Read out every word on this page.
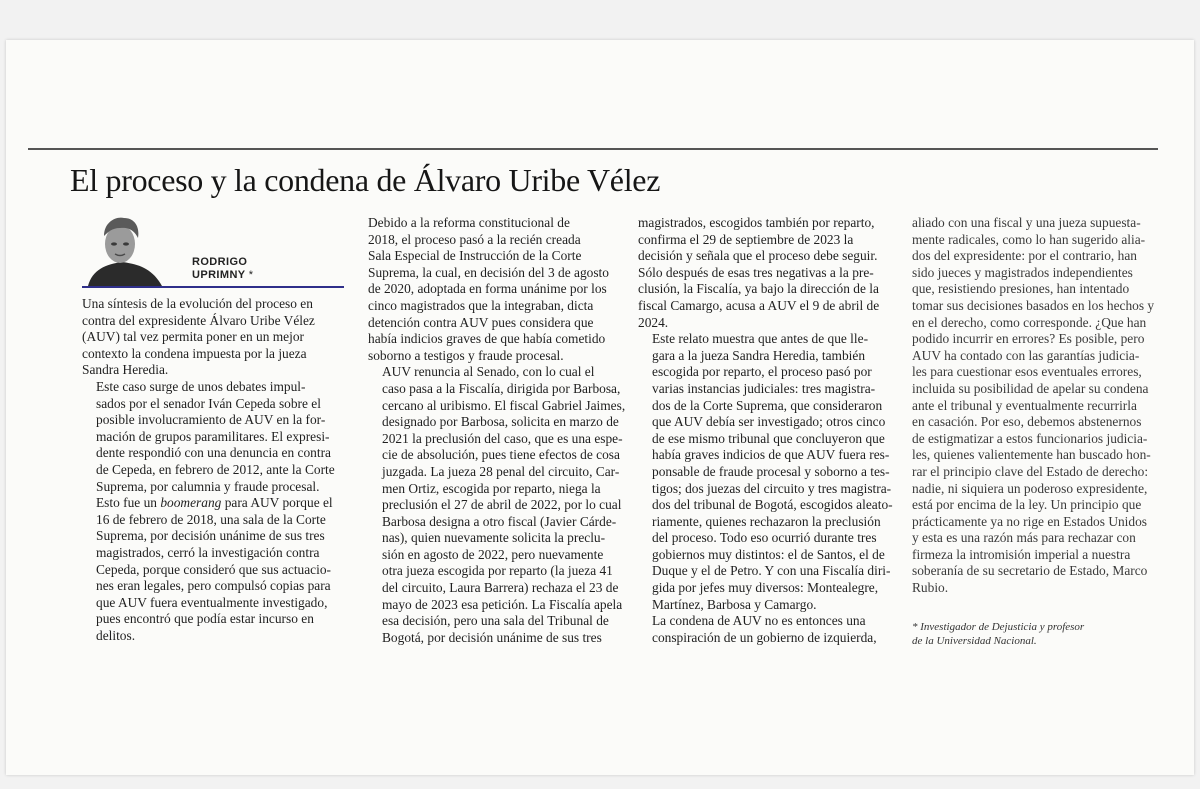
El proceso y la condena de Álvaro Uribe Vélez
RODRIGO
UPRIMNY *

Una síntesis de la evolución del proceso en
contra del expresidente Álvaro Uribe Vélez
(AUV) tal vez permita poner en un mejor
contexto la condena impuesta por la jueza
Sandra Heredia.

Este caso surge de unos debates impul-
sados por el senador Iván Cepeda sobre el
posible involucramiento de AUV en la for-
mación de grupos paramilitares. El expresi-
dente respondió con una denuncia en contra
de Cepeda, en febrero de 2012, ante la Corte
Suprema, por calumnia y fraude procesal.
Esto fue un boomerang para AUV porque el
16 de febrero de 2018, una sala de la Corte
Suprema, por decisión unánime de sus tres
magistrados, cerró la investigación contra
Cepeda, porque consideró que sus actuacio-
nes eran legales, pero compulsó copias para
que AUV fuera eventualmente investigado,
pues encontró que podía estar incurso en
delitos.

Debido a la reforma constitucional de
2018, el proceso pasó a la recién creada
Sala Especial de Instrucción de la Corte
Suprema, la cual, en decisión del 3 de agosto
de 2020, adoptada en forma unánime por los
cinco magistrados que la integraban, dicta
detención contra AUV pues considera que
había indicios graves de que había cometido
soborno a testigos y fraude procesal.

AUV renuncia al Senado, con lo cual el
caso pasa a la Fiscalía, dirigida por Barbosa,
cercano al uribismo. El fiscal Gabriel Jaimes,
designado por Barbosa, solicita en marzo de
2021 la preclusión del caso, que es una espe-
cie de absolución, pues tiene efectos de cosa
juzgada. La jueza 28 penal del circuito, Car-
men Ortiz, escogida por reparto, niega la
preclusión el 27 de abril de 2022, por lo cual
Barbosa designa a otro fiscal (Javier Cárde-
nas), quien nuevamente solicita la preclu-
sión en agosto de 2022, pero nuevamente
otra jueza escogida por reparto (la jueza 41
del circuito, Laura Barrera) rechaza el 23 de
mayo de 2023 esa petición. La Fiscalía apela
esa decisión, pero una sala del Tribunal de
Bogotá, por decisión unánime de sus tres

magistrados, escogidos también por reparto,
confirma el 29 de septiembre de 2023 la
decisión y señala que el proceso debe seguir.
Sólo después de esas tres negativas a la pre-
clusión, la Fiscalía, ya bajo la dirección de la
fiscal Camargo, acusa a AUV el 9 de abril de
2024.

Este relato muestra que antes de que lle-
gara a la jueza Sandra Heredia, también
escogida por reparto, el proceso pasó por
varias instancias judiciales: tres magistra-
dos de la Corte Suprema, que consideraron
que AUV debía ser investigado; otros cinco
de ese mismo tribunal que concluyeron que
había graves indicios de que AUV fuera res-
ponsable de fraude procesal y soborno a tes-
tigos; dos juezas del circuito y tres magistra-
dos del tribunal de Bogotá, escogidos aleato-
riamente, quienes rechazaron la preclusión
del proceso. Todo eso ocurrió durante tres
gobiernos muy distintos: el de Santos, el de
Duque y el de Petro. Y con una Fiscalía diri-
gida por jefes muy diversos: Montealegre,
Martínez, Barbosa y Camargo.

La condena de AUV no es entonces una
conspiración de un gobierno de izquierda,

aliado con una fiscal y una jueza supuesta-
mente radicales, como lo han sugerido alia-
dos del expresidente: por el contrario, han
sido jueces y magistrados independientes
que, resistiendo presiones, han intentado
tomar sus decisiones basados en los hechos y
en el derecho, como corresponde. ¿Que han
podido incurrir en errores? Es posible, pero
AUV ha contado con las garantías judicia-
les para cuestionar esos eventuales errores,
incluida su posibilidad de apelar su condena
ante el tribunal y eventualmente recurrirla
en casación. Por eso, debemos abstenernos
de estigmatizar a estos funcionarios judicia-
les, quienes valientemente han buscado hon-
rar el principio clave del Estado de derecho:
nadie, ni siquiera un poderoso expresidente,
está por encima de la ley. Un principio que
prácticamente ya no rige en Estados Unidos
y esta es una razón más para rechazar con
firmeza la intromisión imperial a nuestra
soberanía de su secretario de Estado, Marco
Rubio.

* Investigador de Dejusticia y profesor
de la Universidad Nacional.
